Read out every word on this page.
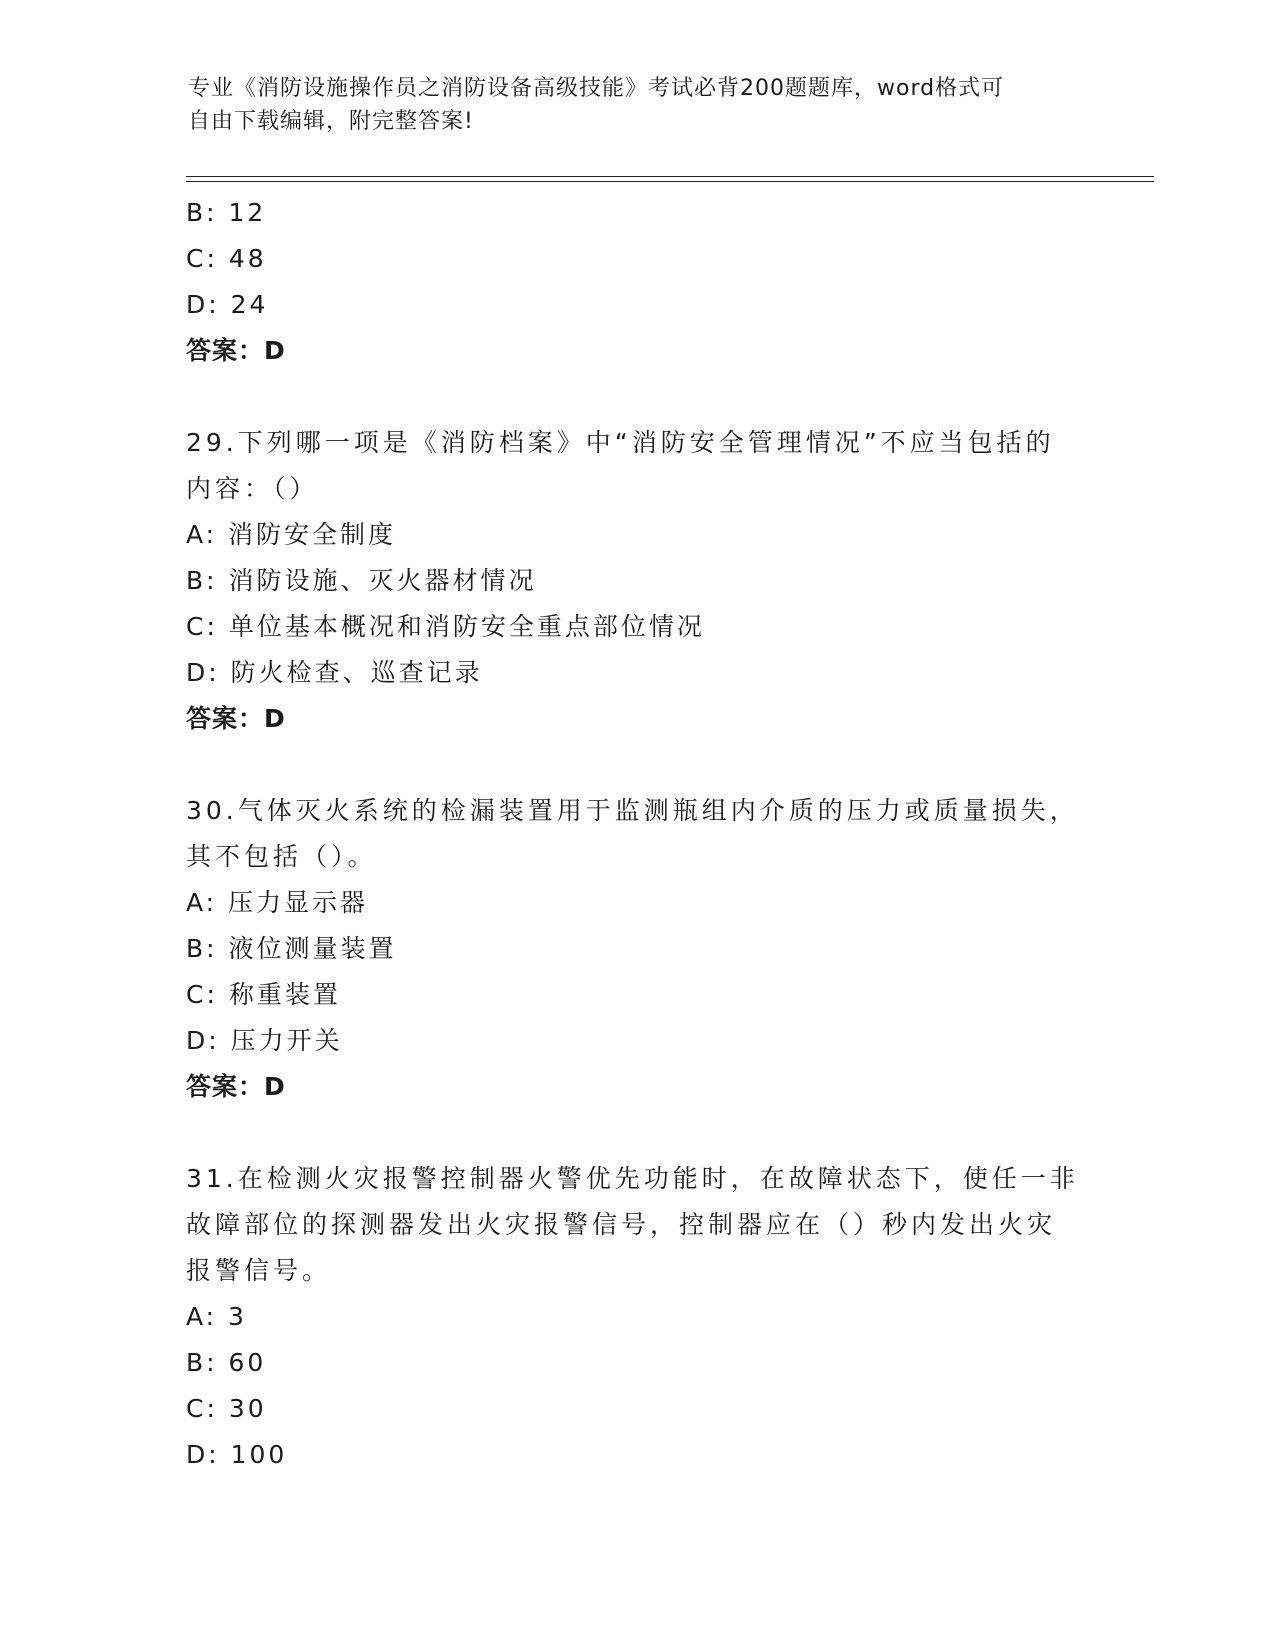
专业《消防设施操作员之消防设备高级技能》考试必背200题题库，word格式可
自由下载编辑，附完整答案!
B: 12
C: 48
D: 24
答案：D
29.下列哪一项是《消防档案》中“消防安全管理情况”不应当包括的
内容：（）
A: 消防安全制度
B: 消防设施、灭火器材情况
C: 单位基本概况和消防安全重点部位情况
D: 防火检查、巡查记录
答案：D
30.气体灭火系统的检漏装置用于监测瓶组内介质的压力或质量损失，
其不包括（）。
A: 压力显示器
B: 液位测量装置
C: 称重装置
D: 压力开关
答案：D
31.在检测火灾报警控制器火警优先功能时，在故障状态下，使任一非
故障部位的探测器发出火灾报警信号，控制器应在（）秒内发出火灾
报警信号。
A: 3
B: 60
C: 30
D: 100
